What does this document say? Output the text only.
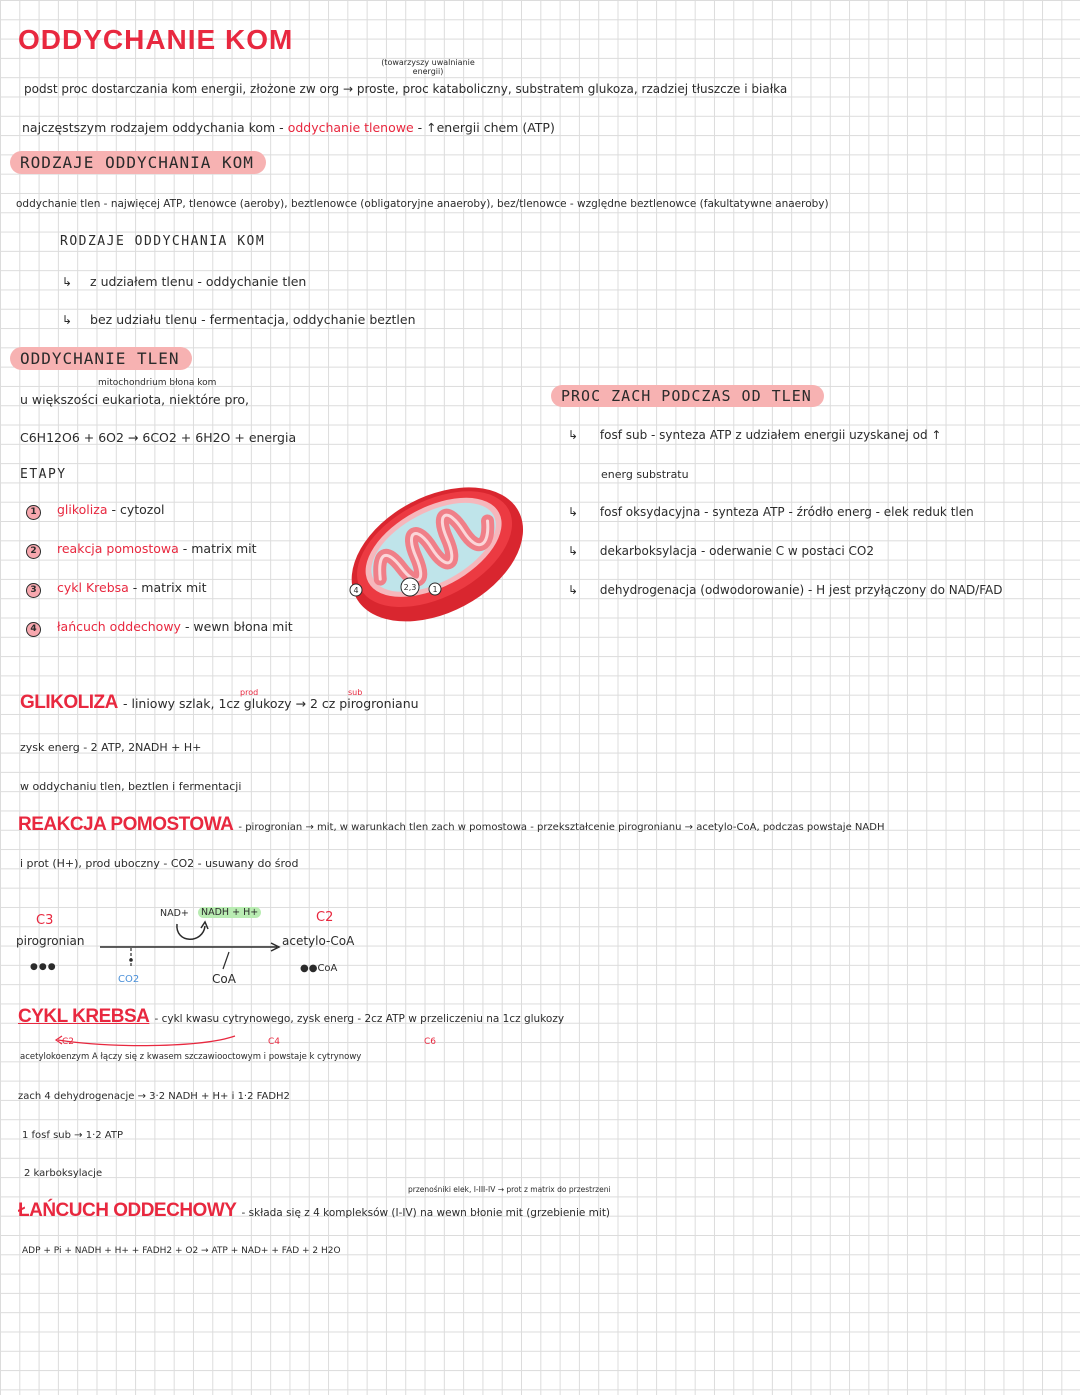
ODDYCHANIE KOM
(towarzyszy uwalnianie energii)
podst proc dostarczania kom energii, złożone zw org → proste, proc kataboliczny, substratem glukoza, rzadziej tłuszcze i białka
najczęstszym rodzajem oddychania kom - oddychanie tlenowe - ↑energii chem (ATP)
RODZAJE ODDYCHANIA KOM
oddychanie tlen - najwięcej ATP, tlenowce (aeroby), beztlenowce (obligatoryjne anaeroby), bez/tlenowce - względne beztlenowce (fakultatywne anaeroby)
RODZAJE ODDYCHANIA KOM
↳ z udziałem tlenu - oddychanie tlen
↳ bez udziału tlenu - fermentacja, oddychanie beztlen
ODDYCHANIE TLEN
mitochondrium błona kom
u większości eukariota, niektóre pro,
C6H12O6 + 6O2 → 6CO2 + 6H2O + energia
ETAPY
1 glikoliza - cytozol
2 reakcja pomostowa - matrix mit
3 cykl Krebsa - matrix mit
4 łańcuch oddechowy - wewn błona mit
4	2,3 1
PROC ZACH PODCZAS OD TLEN
↳ fosf sub - synteza ATP z udziałem energii uzyskanej od ↑
energ substratu
↳ fosf oksydacyjna - synteza ATP - źródło energ - elek reduk tlen
↳ dekarboksylacja - oderwanie C w postaci CO2
↳ dehydrogenacja (odwodorowanie) - H jest przyłączony do NAD/FAD
prod	sub
GLIKOLIZA - liniowy szlak, 1cz glukozy → 2 cz pirogronianu
zysk energ - 2 ATP, 2NADH + H+
w oddychaniu tlen, beztlen i fermentacji
REAKCJA POMOSTOWA - pirogronian → mit, w warunkach tlen zach w pomostowa - przekształcenie pirogronianu → acetylo-CoA, podczas powstaje NADH
i prot (H+), prod uboczny - CO2 - usuwany do środ
C3
pirogronian
●●●
NAD+	NADH + H+	C2
acetylo-CoA
●●CoA
CO2	CoA
CYKL KREBSA - cykl kwasu cytrynowego, zysk energ - 2cz ATP w przeliczeniu na 1cz glukozy
C2	C4	C6
acetylokoenzym A łączy się z kwasem szczawiooctowym i powstaje k cytrynowy
zach 4 dehydrogenacje → 3·2 NADH + H+ i 1·2 FADH2
1 fosf sub → 1·2 ATP
2 karboksylacje
przenośniki elek, I-III-IV → prot z matrix do przestrzeni
ŁAŃCUCH ODDECHOWY - składa się z 4 kompleksów (I-IV) na wewn błonie mit (grzebienie mit)
ADP + Pi + NADH + H+ + FADH2 + O2 → ATP + NAD+ + FAD + 2 H2O
